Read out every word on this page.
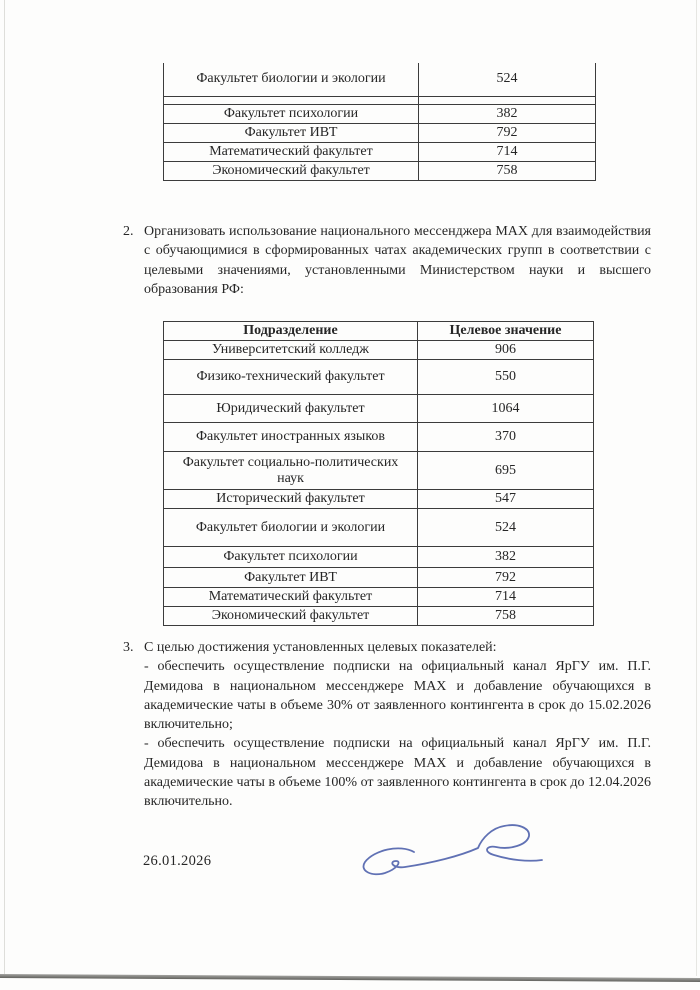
Факультет биологии и экологии	524

Факультет психологии	382
Факультет ИВТ	792
Математический факультет	714
Экономический факультет	758
2. Организовать использование национального мессенджера MAX для взаимодействия с обучающимися в сформированных чатах академических групп в соответствии с целевыми значениями, установленными Министерством науки и высшего образования РФ:
Подразделение	Целевое значение
Университетский колледж	906
Физико-технический факультет	550
Юридический факультет	1064
Факультет иностранных языков	370
Факультет социально-политических наук	695
Исторический факультет	547
Факультет биологии и экологии	524
Факультет психологии	382
Факультет ИВТ	792
Математический факультет	714
Экономический факультет	758
3. С целью достижения установленных целевых показателей:

- обеспечить осуществление подписки на официальный канал ЯрГУ им. П.Г. Демидова в национальном мессенджере MAX и добавление обучающихся в академические чаты в объеме 30% от заявленного контингента в срок до 15.02.2026 включительно;

- обеспечить осуществление подписки на официальный канал ЯрГУ им. П.Г. Демидова в национальном мессенджере MAX и добавление обучающихся в академические чаты в объеме 100% от заявленного контингента в срок до 12.04.2026 включительно.

26.01.2026
